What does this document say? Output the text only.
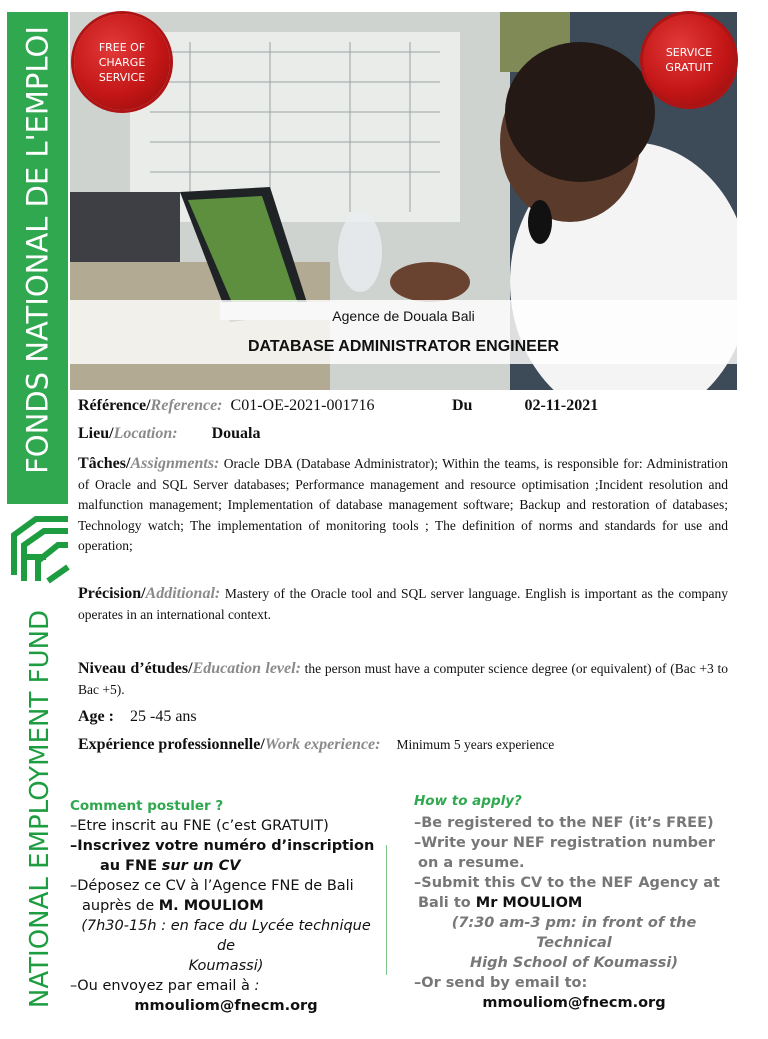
FONDS NATIONAL DE L'EMPLOI
NATIONAL EMPLOYMENT FUND
FREE OF
CHARGE
SERVICE
SERVICE
GRATUIT
Agence de Douala Bali
DATABASE ADMINISTRATOR ENGINEER
Référence/Reference: C01-OE-2021-001716	Du	02-11-2021
Lieu/Location: Douala
Tâches/Assignments: Oracle DBA (Database Administrator); Within the teams, is responsible for: Administration of Oracle and SQL Server databases; Performance management and resource optimisation ;Incident resolution and malfunction management; Implementation of database management software; Backup and restoration of databases; Technology watch; The implementation of monitoring tools ; The definition of norms and standards for use and operation;
Précision/Additional: Mastery of the Oracle tool and SQL server language. English is important as the company operates in an international context.
Niveau d’études/Education level: the person must have a computer science degree (or equivalent) of (Bac +3 to Bac +5).
Age : 25 -45 ans
Expérience professionnelle/Work experience: Minimum 5 years experience
Comment postuler ?
–Etre inscrit au FNE (c’est GRATUIT)
–Inscrivez votre numéro d’inscription
au FNE sur un CV
–Déposez ce CV à l’Agence FNE de Bali
auprès de M. MOULIOM
(7h30-15h : en face du Lycée technique de
Koumassi)
–Ou envoyez par email à :
mmouliom@fnecm.org
How to apply?
–Be registered to the NEF (it’s FREE)
–Write your NEF registration number
on a resume.
–Submit this CV to the NEF Agency at
Bali to Mr MOULIOM
(7:30 am-3 pm: in front of the Technical
High School of Koumassi)
–Or send by email to:
mmouliom@fnecm.org
